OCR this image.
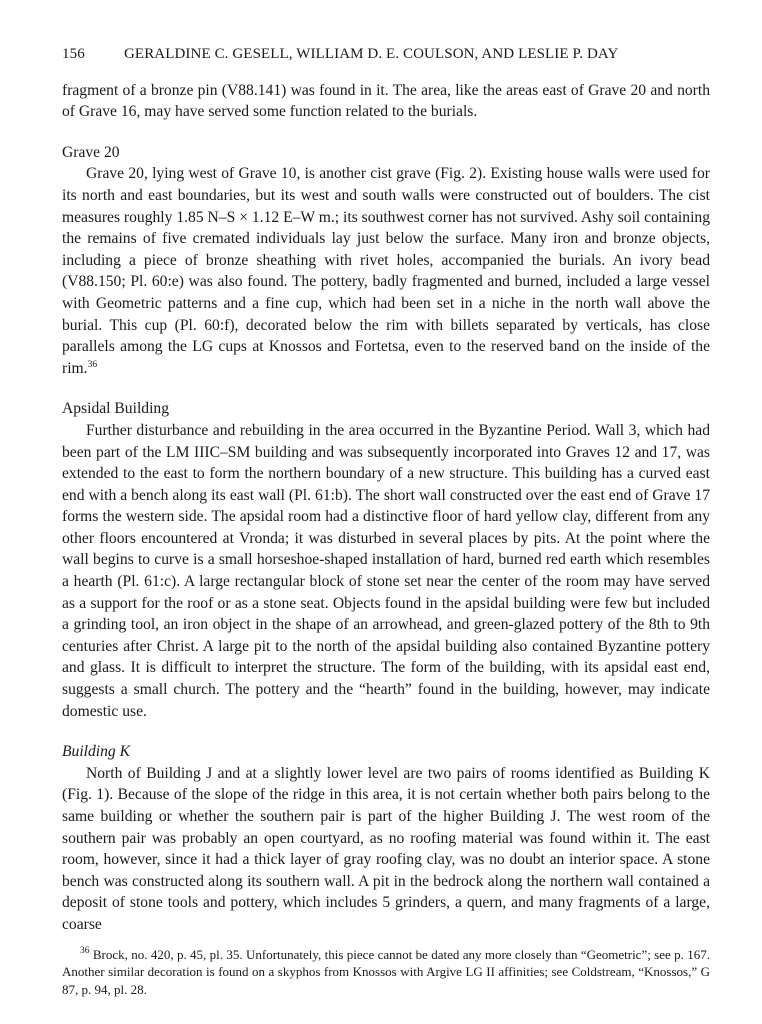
156	GERALDINE C. GESELL, WILLIAM D. E. COULSON, AND LESLIE P. DAY

fragment of a bronze pin (V88.141) was found in it. The area, like the areas east of Grave 20 and north of Grave 16, may have served some function related to the burials.

Grave 20

Grave 20, lying west of Grave 10, is another cist grave (Fig. 2). Existing house walls were used for its north and east boundaries, but its west and south walls were constructed out of boulders. The cist measures roughly 1.85 N–S × 1.12 E–W m.; its southwest corner has not survived. Ashy soil containing the remains of five cremated individuals lay just below the surface. Many iron and bronze objects, including a piece of bronze sheathing with rivet holes, accompanied the burials. An ivory bead (V88.150; Pl. 60:e) was also found. The pottery, badly fragmented and burned, included a large vessel with Geometric patterns and a fine cup, which had been set in a niche in the north wall above the burial. This cup (Pl. 60:f), decorated below the rim with billets separated by verticals, has close parallels among the LG cups at Knossos and Fortetsa, even to the reserved band on the inside of the rim.$^{36}$

Apsidal Building

Further disturbance and rebuilding in the area occurred in the Byzantine Period. Wall 3, which had been part of the LM IIIC–SM building and was subsequently incorporated into Graves 12 and 17, was extended to the east to form the northern boundary of a new structure. This building has a curved east end with a bench along its east wall (Pl. 61:b). The short wall constructed over the east end of Grave 17 forms the western side. The apsidal room had a distinctive floor of hard yellow clay, different from any other floors encountered at Vronda; it was disturbed in several places by pits. At the point where the wall begins to curve is a small horseshoe-shaped installation of hard, burned red earth which resembles a hearth (Pl. 61:c). A large rectangular block of stone set near the center of the room may have served as a support for the roof or as a stone seat. Objects found in the apsidal building were few but included a grinding tool, an iron object in the shape of an arrowhead, and green-glazed pottery of the 8th to 9th centuries after Christ. A large pit to the north of the apsidal building also contained Byzantine pottery and glass. It is difficult to interpret the structure. The form of the building, with its apsidal east end, suggests a small church. The pottery and the “hearth” found in the building, however, may indicate domestic use.

Building K

North of Building J and at a slightly lower level are two pairs of rooms identified as Building K (Fig. 1). Because of the slope of the ridge in this area, it is not certain whether both pairs belong to the same building or whether the southern pair is part of the higher Building J. The west room of the southern pair was probably an open courtyard, as no roofing material was found within it. The east room, however, since it had a thick layer of gray roofing clay, was no doubt an interior space. A stone bench was constructed along its southern wall. A pit in the bedrock along the northern wall contained a deposit of stone tools and pottery, which includes 5 grinders, a quern, and many fragments of a large, coarse

$^{36}$ Brock, no. 420, p. 45, pl. 35. Unfortunately, this piece cannot be dated any more closely than “Geometric”; see p. 167. Another similar decoration is found on a skyphos from Knossos with Argive LG II affinities; see Coldstream, “Knossos,” G 87, p. 94, pl. 28.
